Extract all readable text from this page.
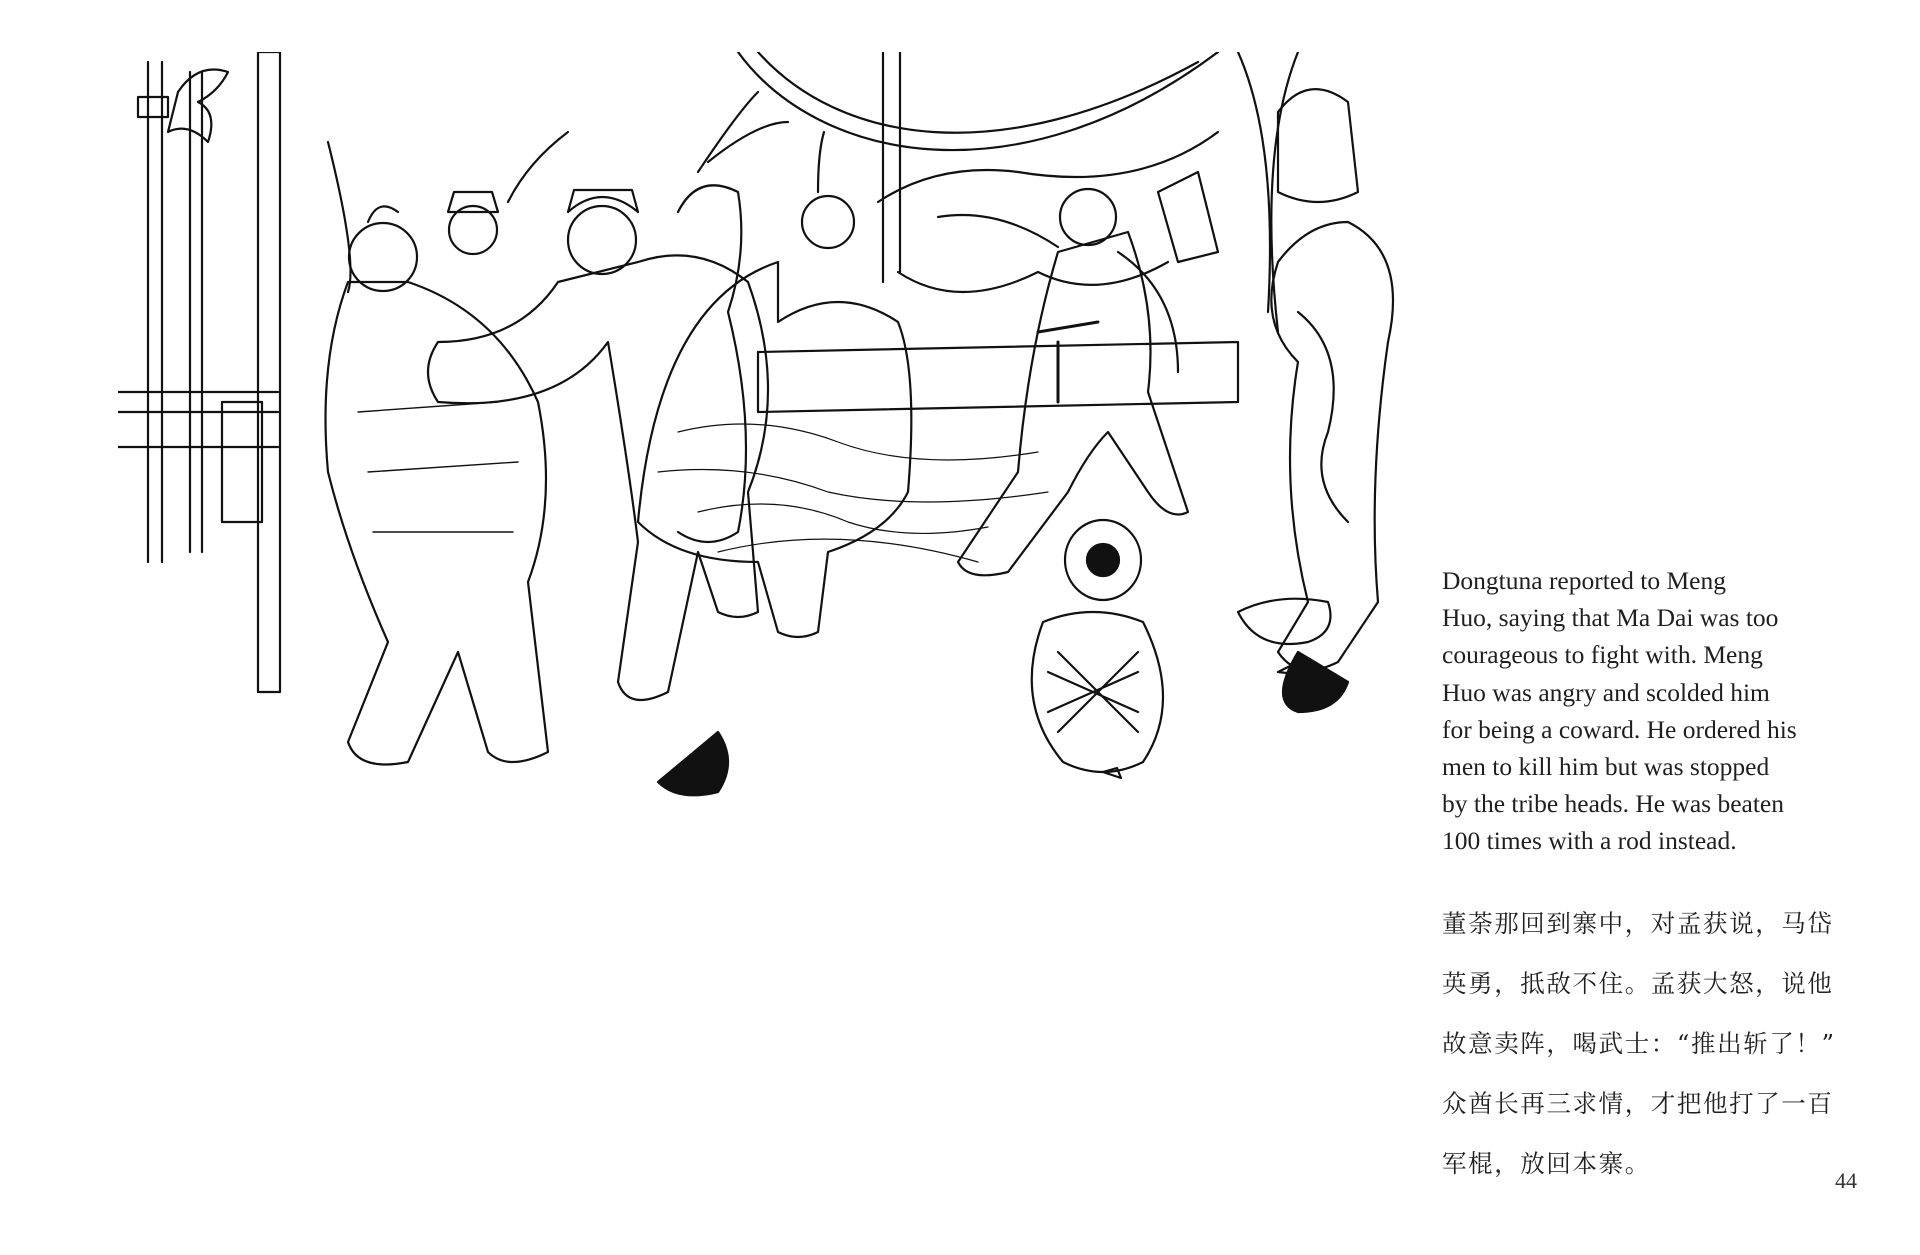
Dongtuna reported to Meng
Huo, saying that Ma Dai was too
courageous to fight with. Meng
Huo was angry and scolded him
for being a coward. He ordered his
men to kill him but was stopped
by the tribe heads. He was beaten
100 times with a rod instead.

董荼那回到寨中，对孟获说，马岱
英勇，抵敌不住。孟获大怒，说他
故意卖阵，喝武士：“推出斩了！”
众酋长再三求情，才把他打了一百
军棍，放回本寨。
44
